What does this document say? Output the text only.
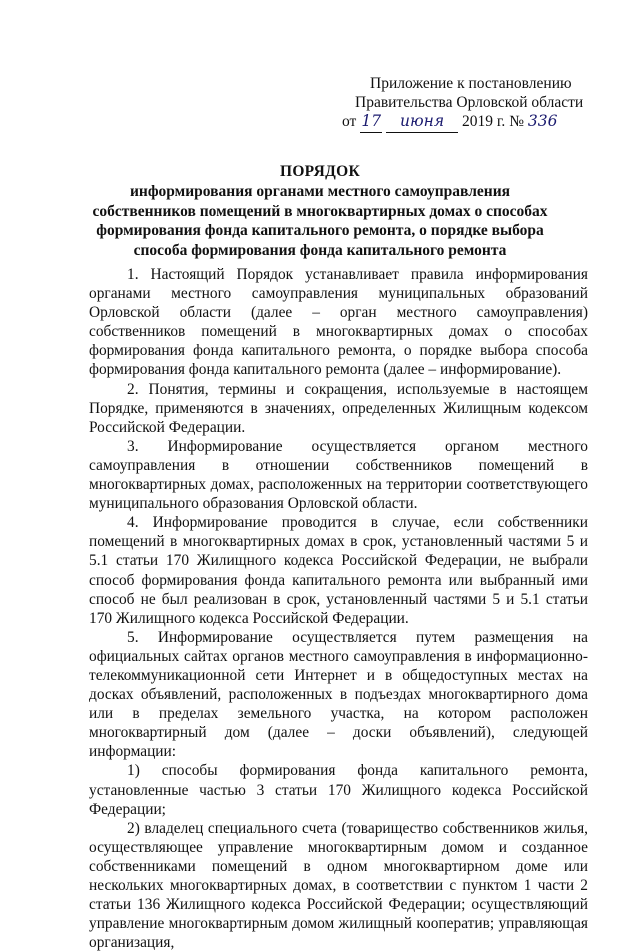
Приложение к постановлению
Правительства Орловской области
от 17 июня 2019 г. № 336
ПОРЯДОК
информирования органами местного самоуправления собственников помещений в многоквартирных домах о способах формирования фонда капитального ремонта, о порядке выбора способа формирования фонда капитального ремонта

1. Настоящий Порядок устанавливает правила информирования органами местного самоуправления муниципальных образований Орловской области (далее – орган местного самоуправления) собственников помещений в многоквартирных домах о способах формирования фонда капитального ремонта, о порядке выбора способа формирования фонда капитального ремонта (далее – информирование).

2. Понятия, термины и сокращения, используемые в настоящем Порядке, применяются в значениях, определенных Жилищным кодексом Российской Федерации.

3. Информирование осуществляется органом местного самоуправления в отношении собственников помещений в многоквартирных домах, расположенных на территории соответствующего муниципального образования Орловской области.

4. Информирование проводится в случае, если собственники помещений в многоквартирных домах в срок, установленный частями 5 и 5.1 статьи 170 Жилищного кодекса Российской Федерации, не выбрали способ формирования фонда капитального ремонта или выбранный ими способ не был реализован в срок, установленный частями 5 и 5.1 статьи 170 Жилищного кодекса Российской Федерации.

5. Информирование осуществляется путем размещения на официальных сайтах органов местного самоуправления в информационно-телекоммуникационной сети Интернет и в общедоступных местах на досках объявлений, расположенных в подъездах многоквартирного дома или в пределах земельного участка, на котором расположен многоквартирный дом (далее – доски объявлений), следующей информации:

1) способы формирования фонда капитального ремонта, установленные частью 3 статьи 170 Жилищного кодекса Российской Федерации;

2) владелец специального счета (товарищество собственников жилья, осуществляющее управление многоквартирным домом и созданное собственниками помещений в одном многоквартирном доме или нескольких многоквартирных домах, в соответствии с пунктом 1 части 2 статьи 136 Жилищного кодекса Российской Федерации; осуществляющий управление многоквартирным домом жилищный кооператив; управляющая организация,
